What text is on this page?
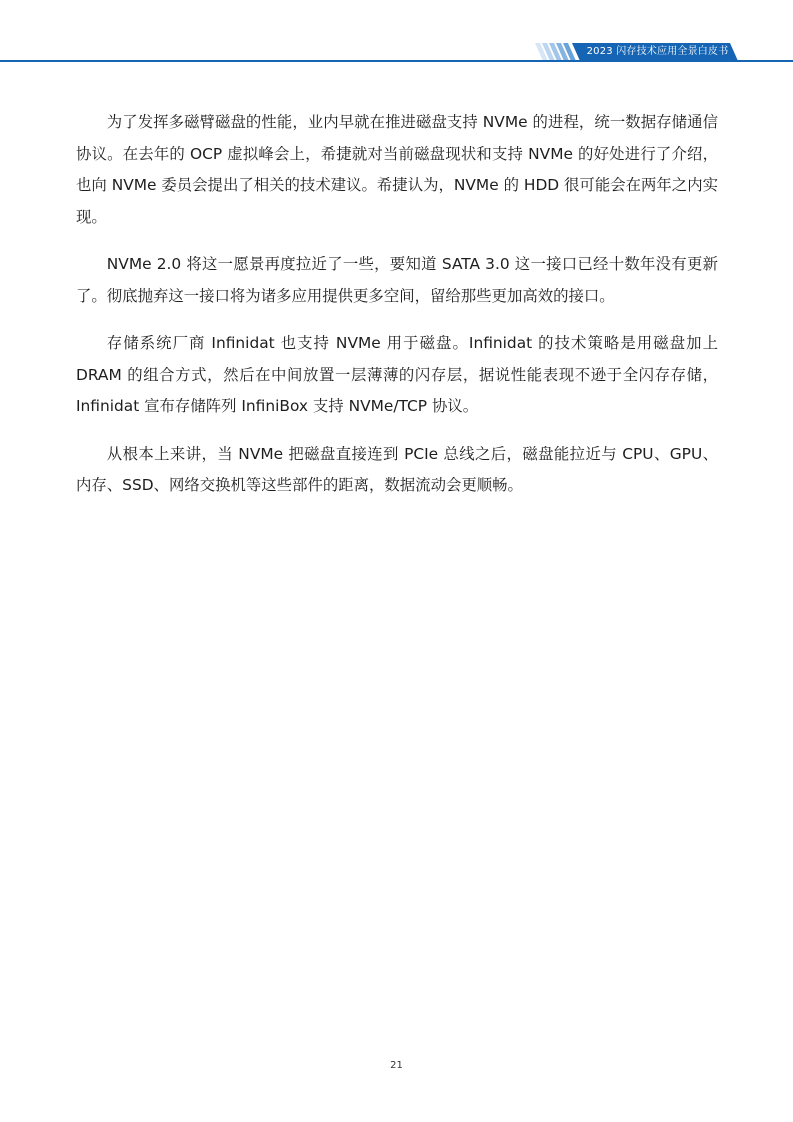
2023 闪存技术应用全景白皮书

为了发挥多磁臂磁盘的性能，业内早就在推进磁盘支持 NVMe 的进程，统一数据存储通信协议。在去年的 OCP 虚拟峰会上，希捷就对当前磁盘现状和支持 NVMe 的好处进行了介绍，也向 NVMe 委员会提出了相关的技术建议。希捷认为，NVMe 的 HDD 很可能会在两年之内实现。

NVMe 2.0 将这一愿景再度拉近了一些，要知道 SATA 3.0 这一接口已经十数年没有更新了。彻底抛弃这一接口将为诸多应用提供更多空间，留给那些更加高效的接口。

存储系统厂商 Infinidat 也支持 NVMe 用于磁盘。Infinidat 的技术策略是用磁盘加上 DRAM 的组合方式，然后在中间放置一层薄薄的闪存层，据说性能表现不逊于全闪存存储，Infinidat 宣布存储阵列 InfiniBox 支持 NVMe/TCP 协议。

从根本上来讲，当 NVMe 把磁盘直接连到 PCIe 总线之后，磁盘能拉近与 CPU、GPU、内存、SSD、网络交换机等这些部件的距离，数据流动会更顺畅。

21
